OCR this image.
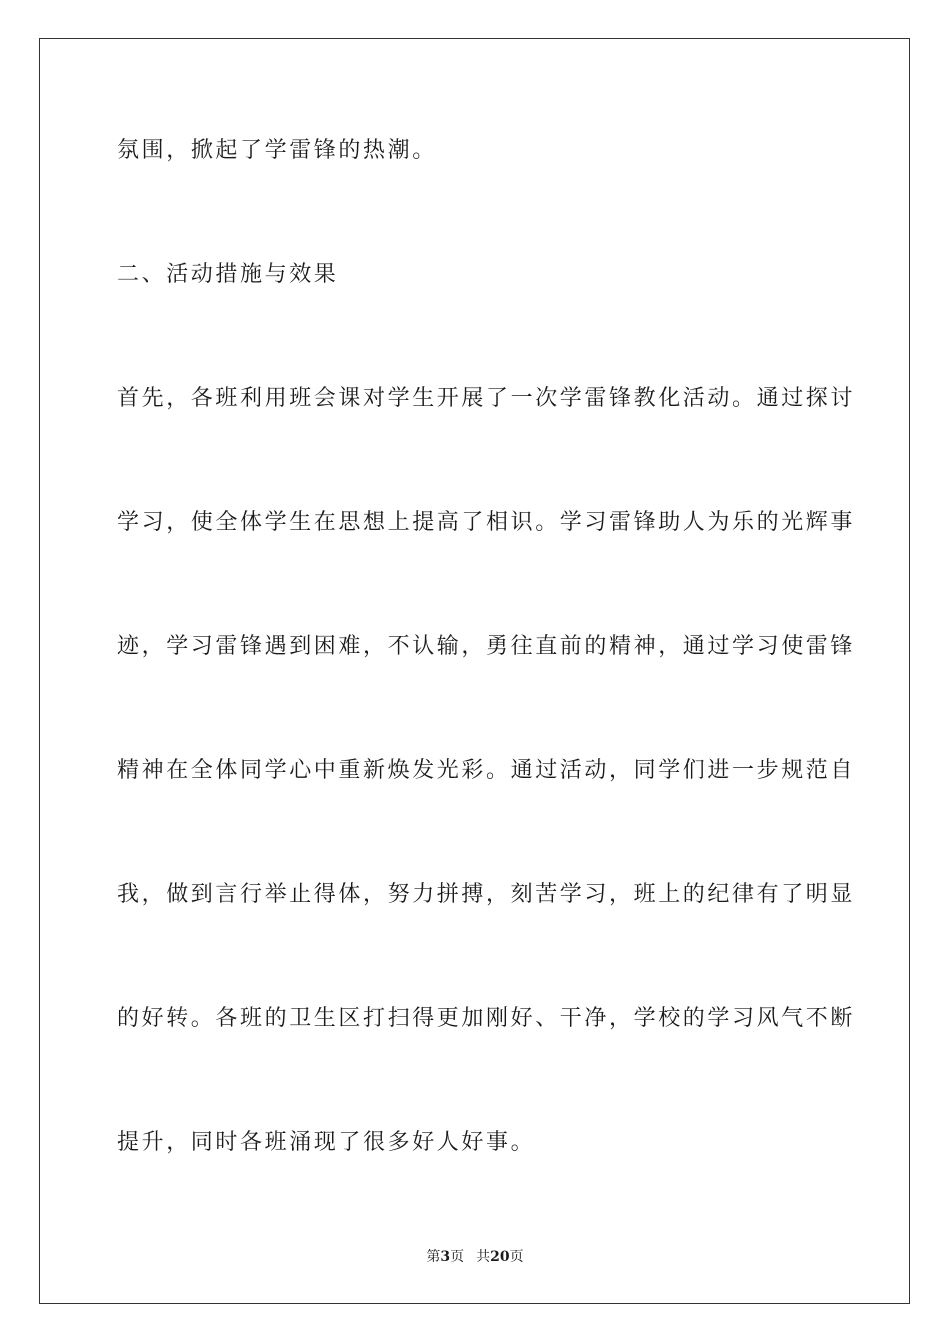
氛围，掀起了学雷锋的热潮。
二、活动措施与效果
首先，各班利用班会课对学生开展了一次学雷锋教化活动。通过探讨
学习，使全体学生在思想上提高了相识。学习雷锋助人为乐的光辉事
迹，学习雷锋遇到困难，不认输，勇往直前的精神，通过学习使雷锋
精神在全体同学心中重新焕发光彩。通过活动，同学们进一步规范自
我，做到言行举止得体，努力拼搏，刻苦学习，班上的纪律有了明显
的好转。各班的卫生区打扫得更加刚好、干净，学校的学习风气不断
提升，同时各班涌现了很多好人好事。
第3页 共20页
